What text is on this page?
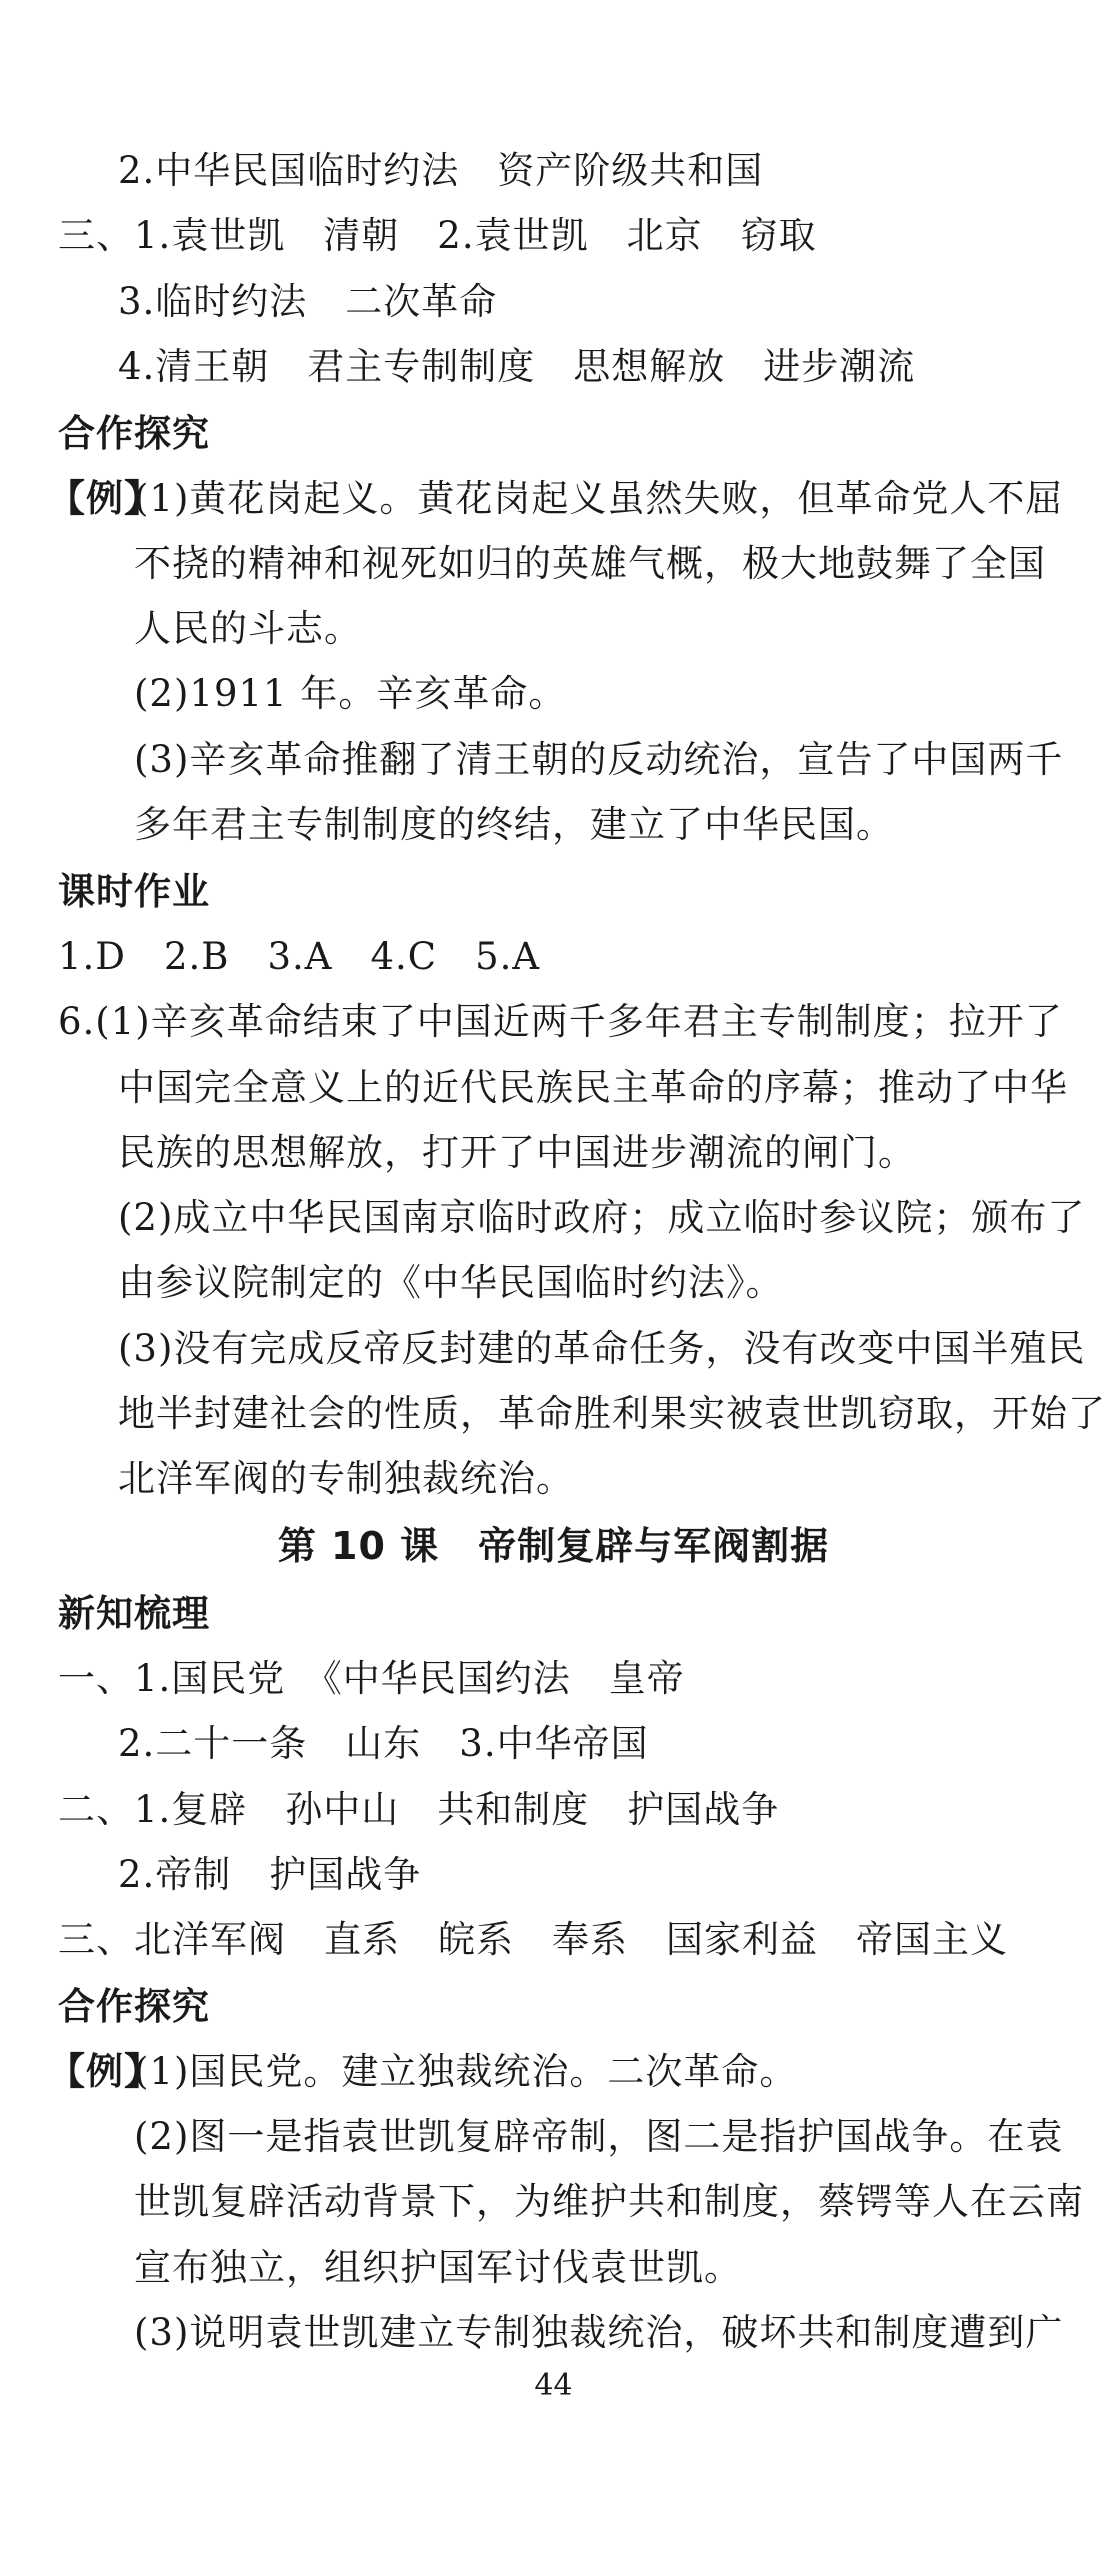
2.中华民国临时约法　资产阶级共和国
三、1.袁世凯　清朝　2.袁世凯　北京　窃取
3.临时约法　二次革命
4.清王朝　君主专制制度　思想解放　进步潮流
合作探究
【例】
(1)黄花岗起义。黄花岗起义虽然失败，但革命党人不屈
不挠的精神和视死如归的英雄气概，极大地鼓舞了全国
人民的斗志。
(2)1911 年。辛亥革命。
(3)辛亥革命推翻了清王朝的反动统治，宣告了中国两千
多年君主专制制度的终结，建立了中华民国。
课时作业
1.D　2.B　3.A　4.C　5.A
6.(1)辛亥革命结束了中国近两千多年君主专制制度；拉开了
中国完全意义上的近代民族民主革命的序幕；推动了中华
民族的思想解放，打开了中国进步潮流的闸门。
(2)成立中华民国南京临时政府；成立临时参议院；颁布了
由参议院制定的《中华民国临时约法》。
(3)没有完成反帝反封建的革命任务，没有改变中国半殖民
地半封建社会的性质，革命胜利果实被袁世凯窃取，开始了
北洋军阀的专制独裁统治。
第 10 课　帝制复辟与军阀割据
新知梳理
一、1.国民党　《中华民国约法　皇帝
2.二十一条　山东　3.中华帝国
二、1.复辟　孙中山　共和制度　护国战争
2.帝制　护国战争
三、北洋军阀　直系　皖系　奉系　国家利益　帝国主义
合作探究
【例】
(1)国民党。建立独裁统治。二次革命。
(2)图一是指袁世凯复辟帝制，图二是指护国战争。在袁
世凯复辟活动背景下，为维护共和制度，蔡锷等人在云南
宣布独立，组织护国军讨伐袁世凯。
(3)说明袁世凯建立专制独裁统治，破坏共和制度遭到广
44
